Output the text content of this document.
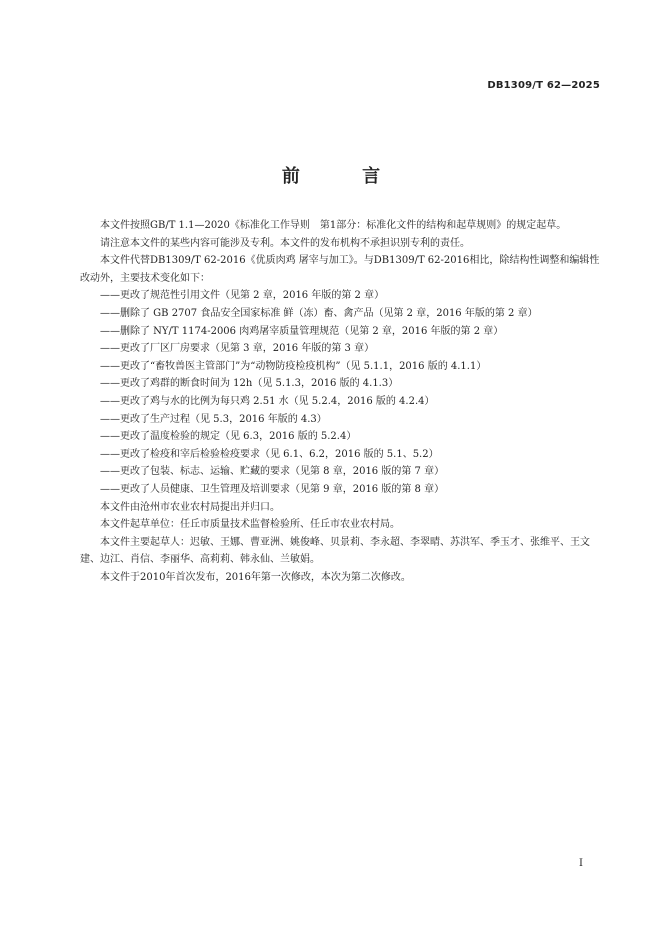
DB1309/T 62—2025
前 言

本文件按照GB/T 1.1—2020《标准化工作导则　第1部分：标准化文件的结构和起草规则》的规定起草。

请注意本文件的某些内容可能涉及专利。本文件的发布机构不承担识别专利的责任。

本文件代替DB1309/T 62-2016《优质肉鸡 屠宰与加工》。与DB1309/T 62-2016相比，除结构性调整和编辑性改动外，主要技术变化如下：

——更改了规范性引用文件（见第 2 章，2016 年版的第 2 章）

——删除了 GB 2707 食品安全国家标准 鲜（冻）畜、禽产品（见第 2 章，2016 年版的第 2 章）

——删除了 NY/T 1174-2006 肉鸡屠宰质量管理规范（见第 2 章，2016 年版的第 2 章）

——更改了厂区厂房要求（见第 3 章，2016 年版的第 3 章）

——更改了“畜牧兽医主管部门”为“动物防疫检疫机构”（见 5.1.1，2016 版的 4.1.1）

——更改了鸡群的断食时间为 12h（见 5.1.3，2016 版的 4.1.3）

——更改了鸡与水的比例为每只鸡 2.51 水（见 5.2.4，2016 版的 4.2.4）

——更改了生产过程（见 5.3，2016 年版的 4.3）

——更改了温度检验的规定（见 6.3，2016 版的 5.2.4）

——更改了检疫和宰后检验检疫要求（见 6.1、6.2，2016 版的 5.1、5.2）

——更改了包装、标志、运输、贮藏的要求（见第 8 章，2016 版的第 7 章）

——更改了人员健康、卫生管理及培训要求（见第 9 章，2016 版的第 8 章）

本文件由沧州市农业农村局提出并归口。

本文件起草单位：任丘市质量技术监督检验所、任丘市农业农村局。

本文件主要起草人：迟敏、王娜、曹亚洲、姚俊峰、贝景莉、李永超、李翠晴、苏洪军、季玉才、张维平、王文建、边江、肖信、李丽华、高莉莉、韩永仙、兰敏娟。

本文件于2010年首次发布，2016年第一次修改，本次为第二次修改。

I
